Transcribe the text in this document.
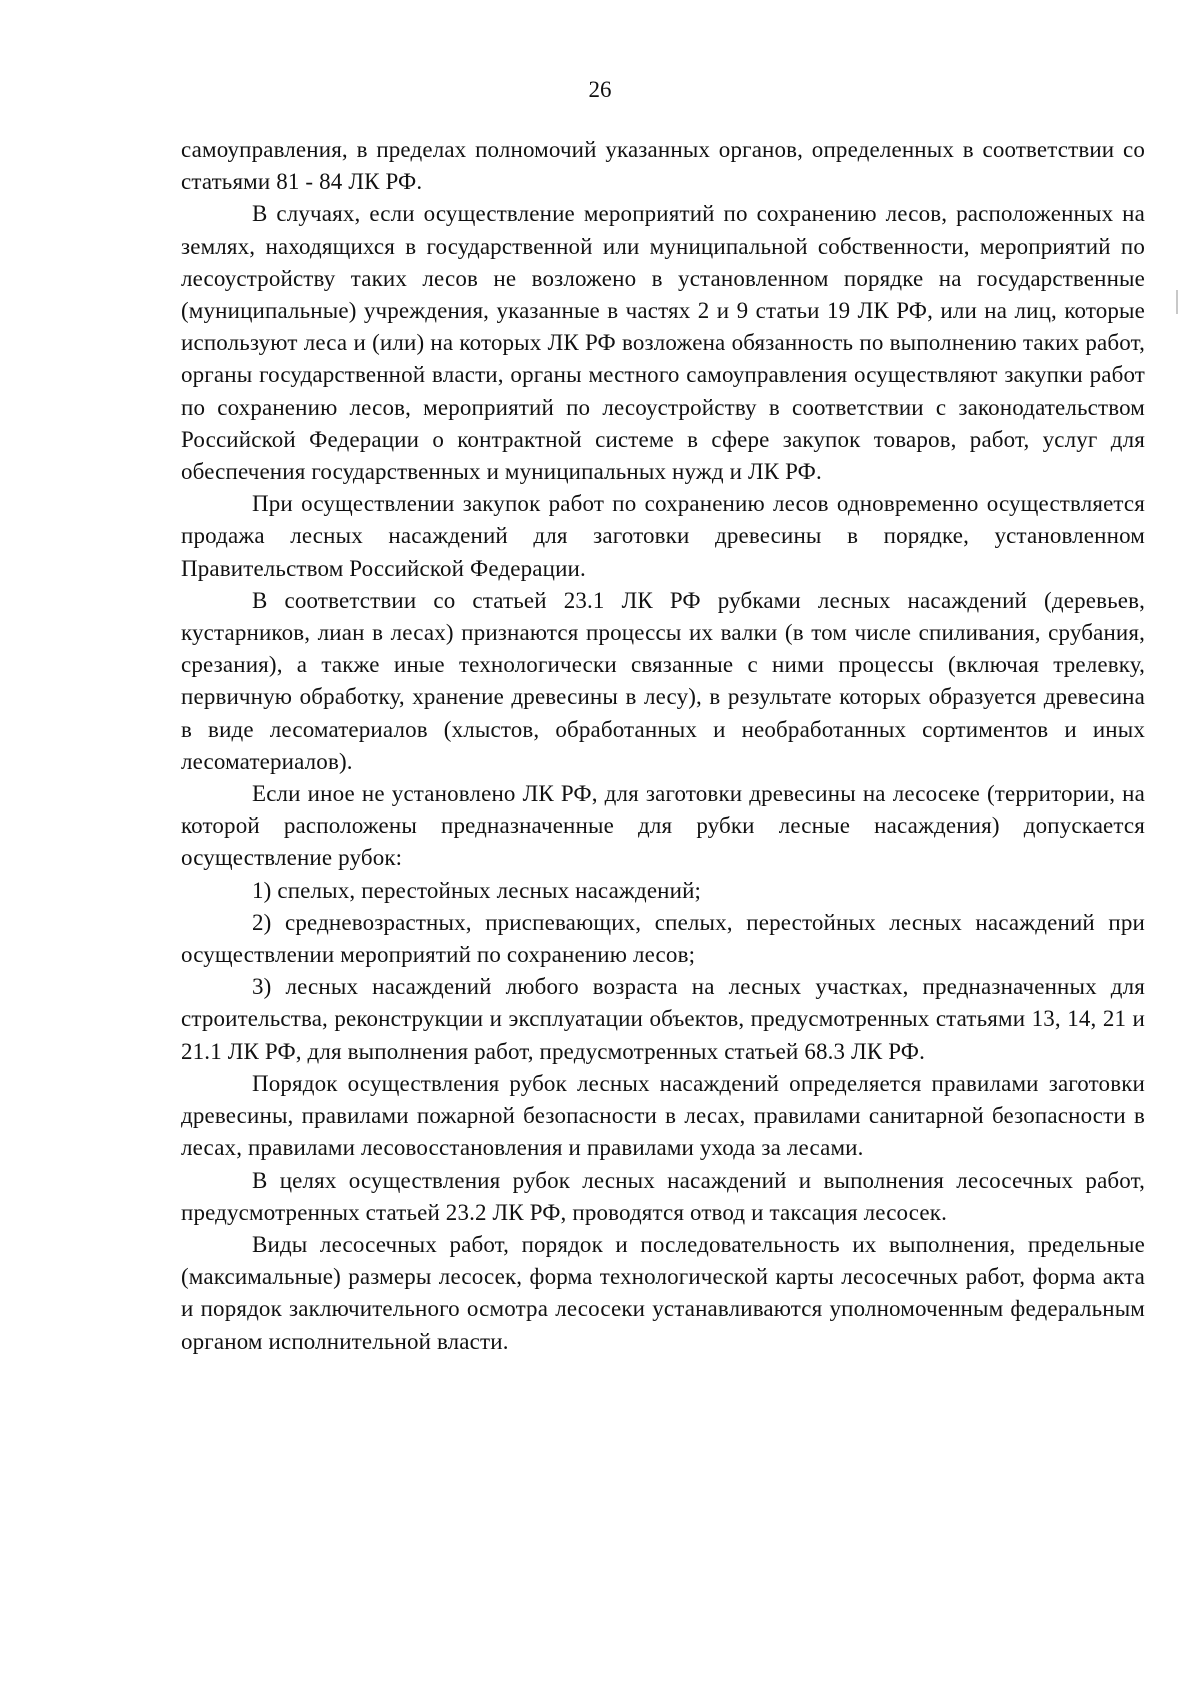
26

самоуправления, в пределах полномочий указанных органов, определенных в соответствии со статьями 81 - 84 ЛК РФ.

В случаях, если осуществление мероприятий по сохранению лесов, расположенных на землях, находящихся в государственной или муниципальной собственности, мероприятий по лесоустройству таких лесов не возложено в установленном порядке на государственные (муниципальные) учреждения, указанные в частях 2 и 9 статьи 19 ЛК РФ, или на лиц, которые используют леса и (или) на которых ЛК РФ возложена обязанность по выполнению таких работ, органы государственной власти, органы местного самоуправления осуществляют закупки работ по сохранению лесов, мероприятий по лесоустройству в соответствии с законодательством Российской Федерации о контрактной системе в сфере закупок товаров, работ, услуг для обеспечения государственных и муниципальных нужд и ЛК РФ.

При осуществлении закупок работ по сохранению лесов одновременно осуществляется продажа лесных насаждений для заготовки древесины в порядке, установленном Правительством Российской Федерации.

В соответствии со статьей 23.1 ЛК РФ рубками лесных насаждений (деревьев, кустарников, лиан в лесах) признаются процессы их валки (в том числе спиливания, срубания, срезания), а также иные технологически связанные с ними процессы (включая трелевку, первичную обработку, хранение древесины в лесу), в результате которых образуется древесина в виде лесоматериалов (хлыстов, обработанных и необработанных сортиментов и иных лесоматериалов).

Если иное не установлено ЛК РФ, для заготовки древесины на лесосеке (территории, на которой расположены предназначенные для рубки лесные насаждения) допускается осуществление рубок:

1) спелых, перестойных лесных насаждений;

2) средневозрастных, приспевающих, спелых, перестойных лесных насаждений при осуществлении мероприятий по сохранению лесов;

3) лесных насаждений любого возраста на лесных участках, предназначенных для строительства, реконструкции и эксплуатации объектов, предусмотренных статьями 13, 14, 21 и 21.1 ЛК РФ, для выполнения работ, предусмотренных статьей 68.3 ЛК РФ.

Порядок осуществления рубок лесных насаждений определяется правилами заготовки древесины, правилами пожарной безопасности в лесах, правилами санитарной безопасности в лесах, правилами лесовосстановления и правилами ухода за лесами.

В целях осуществления рубок лесных насаждений и выполнения лесосечных работ, предусмотренных статьей 23.2 ЛК РФ, проводятся отвод и таксация лесосек.

Виды лесосечных работ, порядок и последовательность их выполнения, предельные (максимальные) размеры лесосек, форма технологической карты лесосечных работ, форма акта и порядок заключительного осмотра лесосеки устанавливаются уполномоченным федеральным органом исполнительной власти.
